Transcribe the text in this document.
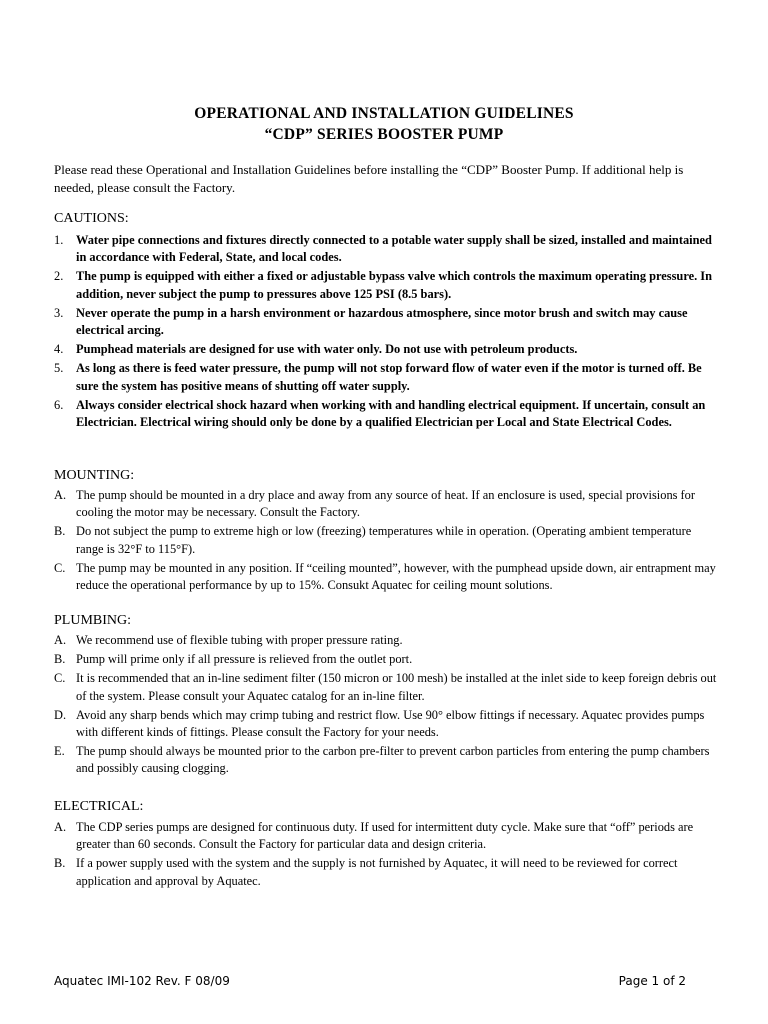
OPERATIONAL AND INSTALLATION GUIDELINES
“CDP” SERIES BOOSTER PUMP
Please read these Operational and Installation Guidelines before installing the “CDP” Booster Pump. If additional help is needed, please consult the Factory.
CAUTIONS:
1. Water pipe connections and fixtures directly connected to a potable water supply shall be sized, installed and maintained in accordance with Federal, State, and local codes.
2. The pump is equipped with either a fixed or adjustable bypass valve which controls the maximum operating pressure. In addition, never subject the pump to pressures above 125 PSI (8.5 bars).
3. Never operate the pump in a harsh environment or hazardous atmosphere, since motor brush and switch may cause electrical arcing.
4. Pumphead materials are designed for use with water only. Do not use with petroleum products.
5. As long as there is feed water pressure, the pump will not stop forward flow of water even if the motor is turned off. Be sure the system has positive means of shutting off water supply.
6. Always consider electrical shock hazard when working with and handling electrical equipment. If uncertain, consult an Electrician. Electrical wiring should only be done by a qualified Electrician per Local and State Electrical Codes.
MOUNTING:
A. The pump should be mounted in a dry place and away from any source of heat. If an enclosure is used, special provisions for cooling the motor may be necessary. Consult the Factory.
B. Do not subject the pump to extreme high or low (freezing) temperatures while in operation. (Operating ambient temperature range is 32°F to 115°F).
C. The pump may be mounted in any position. If “ceiling mounted”, however, with the pumphead upside down, air entrapment may reduce the operational performance by up to 15%. Consukt Aquatec for ceiling mount solutions.
PLUMBING:
A. We recommend use of flexible tubing with proper pressure rating.
B. Pump will prime only if all pressure is relieved from the outlet port.
C. It is recommended that an in-line sediment filter (150 micron or 100 mesh) be installed at the inlet side to keep foreign debris out of the system. Please consult your Aquatec catalog for an in-line filter.
D. Avoid any sharp bends which may crimp tubing and restrict flow. Use 90° elbow fittings if necessary. Aquatec provides pumps with different kinds of fittings. Please consult the Factory for your needs.
E. The pump should always be mounted prior to the carbon pre-filter to prevent carbon particles from entering the pump chambers and possibly causing clogging.
ELECTRICAL:
A. The CDP series pumps are designed for continuous duty. If used for intermittent duty cycle. Make sure that “off” periods are greater than 60 seconds. Consult the Factory for particular data and design criteria.
B. If a power supply used with the system and the supply is not furnished by Aquatec, it will need to be reviewed for correct application and approval by Aquatec.
Aquatec IMI-102 Rev. F 08/09	Page 1 of 2
